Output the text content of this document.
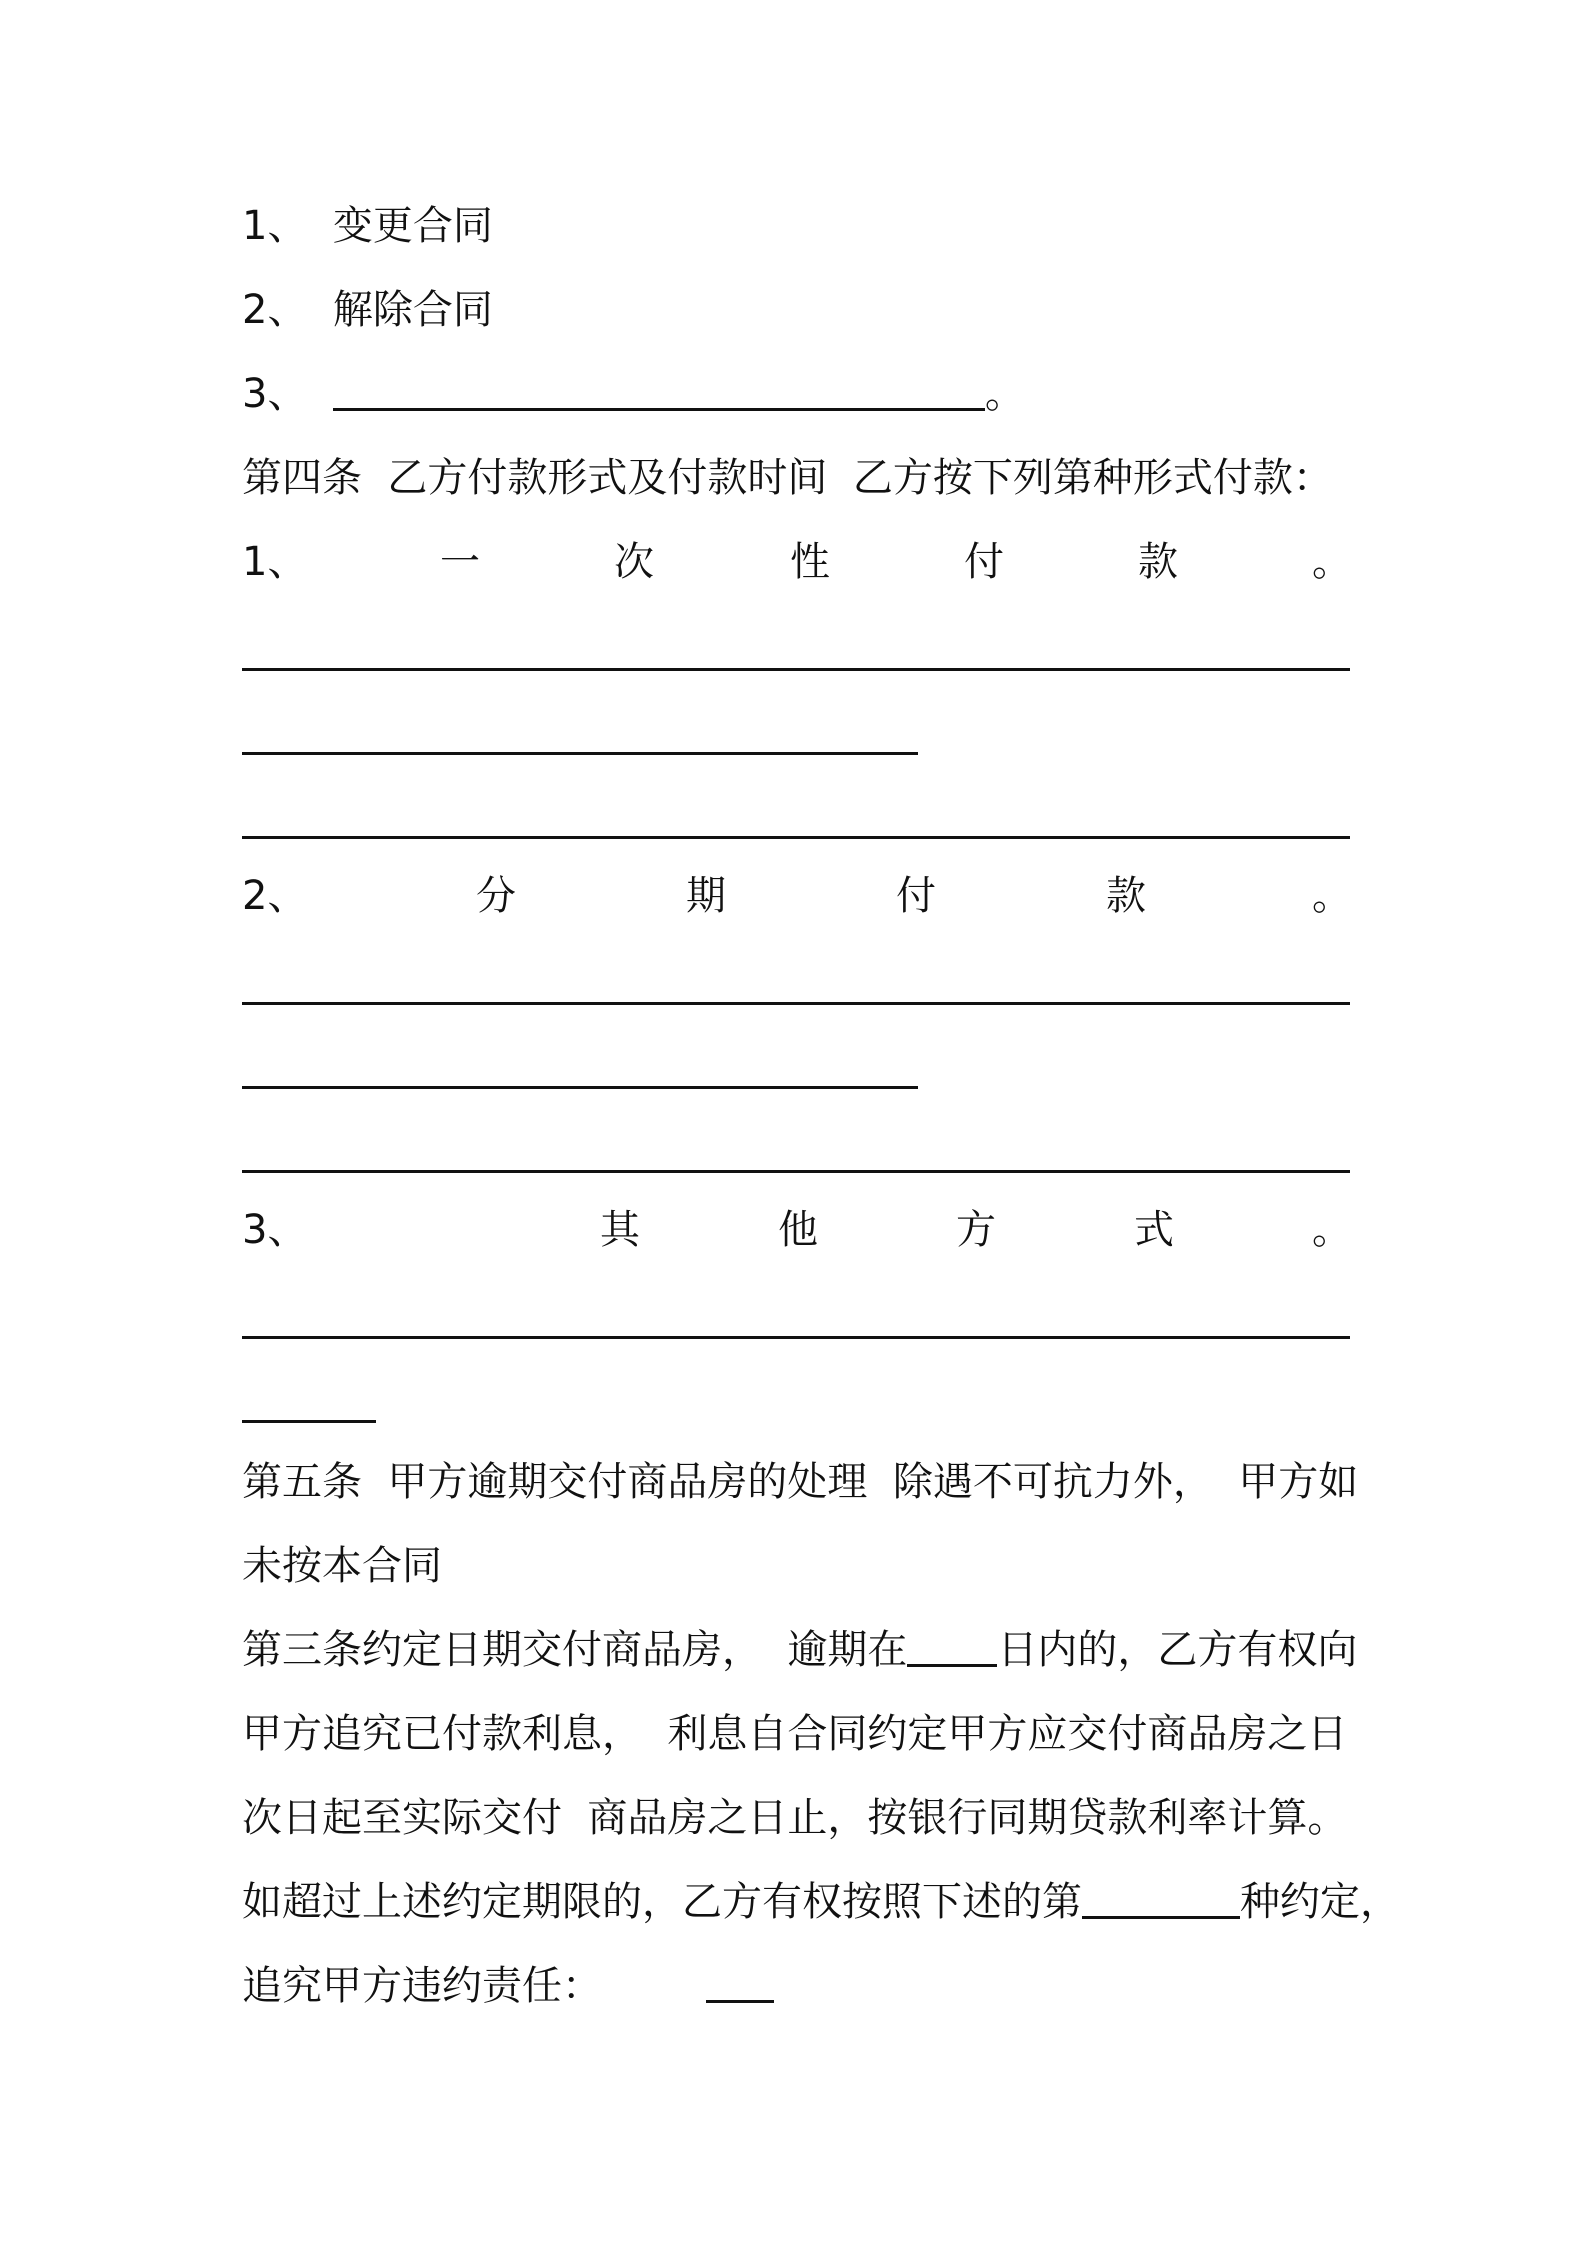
1、  变更合同
2、  解除合同
3、	。
第四条  乙方付款形式及付款时间  乙方按下列第种形式付款：
1、	一	次	性	付	款	。
2、	分	期	付	款	。
3、	其	他	方	式	。
第五条  甲方逾期交付商品房的处理  除遇不可抗力外，  甲方如
未按本合同
第三条约定日期交付商品房，  逾期在 日内的，乙方有权向
甲方追究已付款利息，  利息自合同约定甲方应交付商品房之日
次日起至实际交付  商品房之日止，按银行同期贷款利率计算。
如超过上述约定期限的，乙方有权按照下述的第	种约定，
追究甲方违约责任：
